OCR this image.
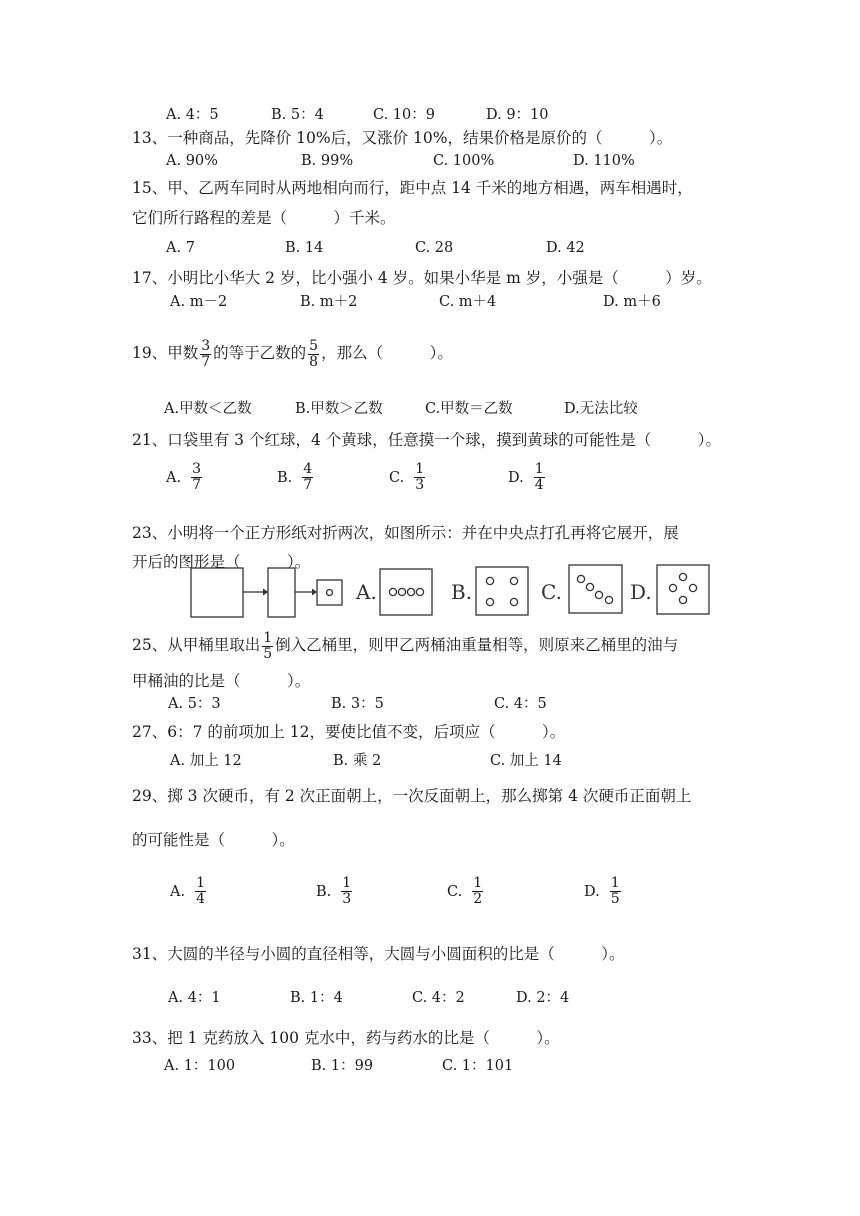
A. 4：5	B. 5：4	C. 10：9	D. 9：10
13、一种商品，先降价 10%后，又涨价 10%，结果价格是原价的（　　　）。
A. 90%	B. 99%	C. 100%	D. 110%
15、甲、乙两车同时从两地相向而行，距中点 14 千米的地方相遇，两车相遇时，
它们所行路程的差是（　　　）千米。
A. 7	B. 14	C. 28	D. 42
17、小明比小华大 2 岁，比小强小 4 岁。如果小华是 m 岁，小强是（　　　）岁。
A. m－2	B. m＋2	C. m＋4	D. m＋6
19、甲数 $\frac{3}{7}$ 的等于乙数的 $\frac{5}{8}$ ，那么（　　　）。
A.甲数＜乙数	B.甲数＞乙数	C.甲数＝乙数	D.无法比较
21、口袋里有 3 个红球，4 个黄球，任意摸一个球，摸到黄球的可能性是（　　　）。
A. $\frac{3}{7}$	B. $\frac{4}{7}$	C. $\frac{1}{3}$	D. $\frac{1}{4}$
23、小明将一个正方形纸对折两次，如图所示：并在中央点打孔再将它展开，展
开后的图形是（　　　）。
A.	B.	C.	D.
25、从甲桶里取出 $\frac{1}{5}$ 倒入乙桶里，则甲乙两桶油重量相等，则原来乙桶里的油与
甲桶油的比是（　　　）。
A. 5：3	B. 3：5	C. 4：5
27、6：7 的前项加上 12，要使比值不变，后项应（　　　）。
A. 加上 12	B. 乘 2	C. 加上 14
29、掷 3 次硬币，有 2 次正面朝上，一次反面朝上，那么掷第 4 次硬币正面朝上
的可能性是（　　　）。
A. $\frac{1}{4}$	B. $\frac{1}{3}$	C. $\frac{1}{2}$	D. $\frac{1}{5}$
31、大圆的半径与小圆的直径相等，大圆与小圆面积的比是（　　　）。
A. 4：1	B. 1：4	C. 4：2	D. 2：4
33、把 1 克药放入 100 克水中，药与药水的比是（　　　）。
A. 1：100	B. 1：99	C. 1：101
